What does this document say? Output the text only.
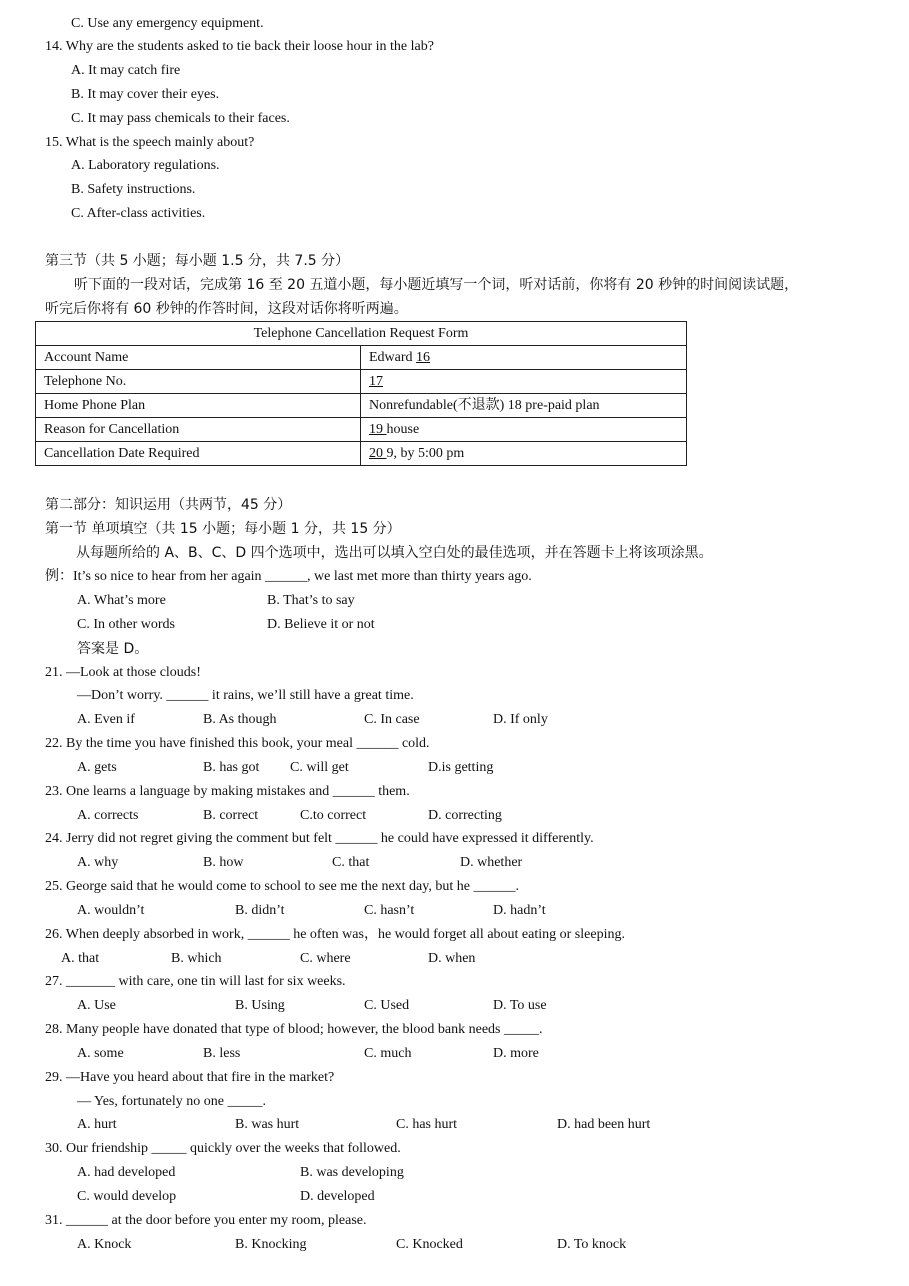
C. Use any emergency equipment.
14. Why are the students asked to tie back their loose hour in the lab?
A. It may catch fire
B. It may cover their eyes.
C. It may pass chemicals to their faces.
15. What is the speech mainly about?
A. Laboratory regulations.
B. Safety instructions.
C. After-class activities.
第三节（共 5 小题；每小题 1.5 分，共 7.5 分）
听下面的一段对话，完成第 16 至 20 五道小题，每小题近填写一个词，听对话前，你将有 20 秒钟的时间阅读试题，
听完后你将有 60 秒钟的作答时间，这段对话你将听两遍。
Telephone Cancellation Request Form	
Account Name	Edward 16
Telephone No.	17
Home Phone Plan	Nonrefundable(不退款) 18 pre-paid plan
Reason for Cancellation	19 house
Cancellation Date Required	20 9, by 5:00 pm
第二部分：知识运用（共两节，45 分）
第一节 单项填空（共 15 小题；每小题 1 分，共 15 分）
从每题所给的 A、B、C、D 四个选项中，选出可以填入空白处的最佳选项，并在答题卡上将该项涂黑。
例：It’s so nice to hear from her again ______, we last met more than thirty years ago.
A. What’s more	B. That’s to say
C. In other words	D. Believe it or not
答案是 D。
21. —Look at those clouds!
—Don’t worry. ______ it rains, we’ll still have a great time.
A. Even if	B. As though	C. In case	D. If only
22. By the time you have finished this book, your meal ______ cold.
A. gets	B. has got C. will get	D.is getting
23. One learns a language by making mistakes and ______ them.
A. corrects	B. correct	C.to correct	D. correcting
24. Jerry did not regret giving the comment but felt ______ he could have expressed it differently.
A. why	B. how	C. that	D. whether
25. George said that he would come to school to see me the next day, but he ______.
A. wouldn’t	B. didn’t	C. hasn’t	D. hadn’t
26. When deeply absorbed in work, ______ he often was，he would forget all about eating or sleeping.
A. that	B. which	C. where	D. when
27. _______ with care, one tin will last for six weeks.
A. Use	B. Using	C. Used	D. To use
28. Many people have donated that type of blood; however, the blood bank needs _____.
A. some	B. less	C. much	D. more
29. —Have you heard about that fire in the market?
— Yes, fortunately no one _____.
A. hurt	B. was hurt	C. has hurt	D. had been hurt
30. Our friendship _____ quickly over the weeks that followed.
A. had developed	B. was developing
C. would develop	D. developed
31. ______ at the door before you enter my room, please.
A. Knock	B. Knocking	C. Knocked	D. To knock
